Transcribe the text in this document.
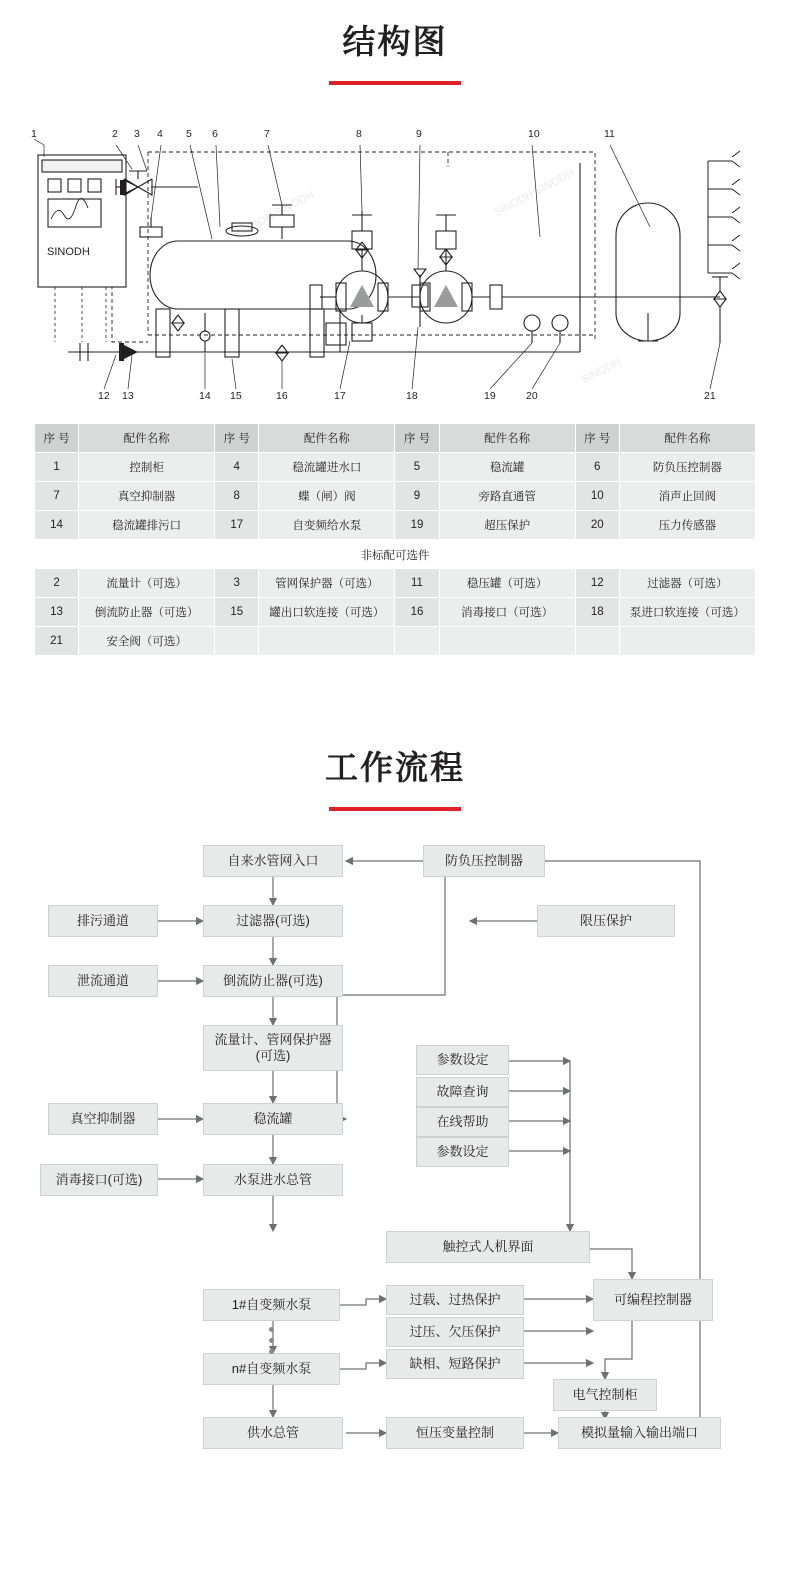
结构图
SINODH
1	2 3 4 5 6	7	8	9	10	11
12 13	14 15	16	17	18	19	20	21
SINODH SINODH	SINODH SINODH
SINODH
序 号	配件名称	序 号	配件名称	序 号	配件名称	序 号	配件名称
1	控制柜	4	稳流罐进水口	5	稳流罐	6	防负压控制器
7	真空抑制器	8	蝶（闸）阀	9	旁路直通管	10	消声止回阀
14	稳流罐排污口	17	自变频给水泵	19	超压保护	20	压力传感器
非标配可选件							
2	流量计（可选）	3	管网保护器（可选）	11	稳压罐（可选）	12	过滤器（可选）
13	倒流防止器（可选）	15	罐出口软连接（可选）	16	消毒接口（可选）	18	泵进口软连接（可选）
21	安全阀（可选）						
工作流程
自来水管网入口	防负压控制器
排污通道	过滤器(可选)	限压保护
泄流通道	倒流防止器(可选)
流量计、管网保护器(可选)	参数设定
故障查询
在线帮助
参数设定
真空抑制器	稳流罐
消毒接口(可选)	水泵进水总管
触控式人机界面
过载、过热保护
1#自变频水泵
过压、欠压保护
可编程控制器
缺相、短路保护
n#自变频水泵
电气控制柜
供水总管	恒压变量控制	模拟量输入输出端口
